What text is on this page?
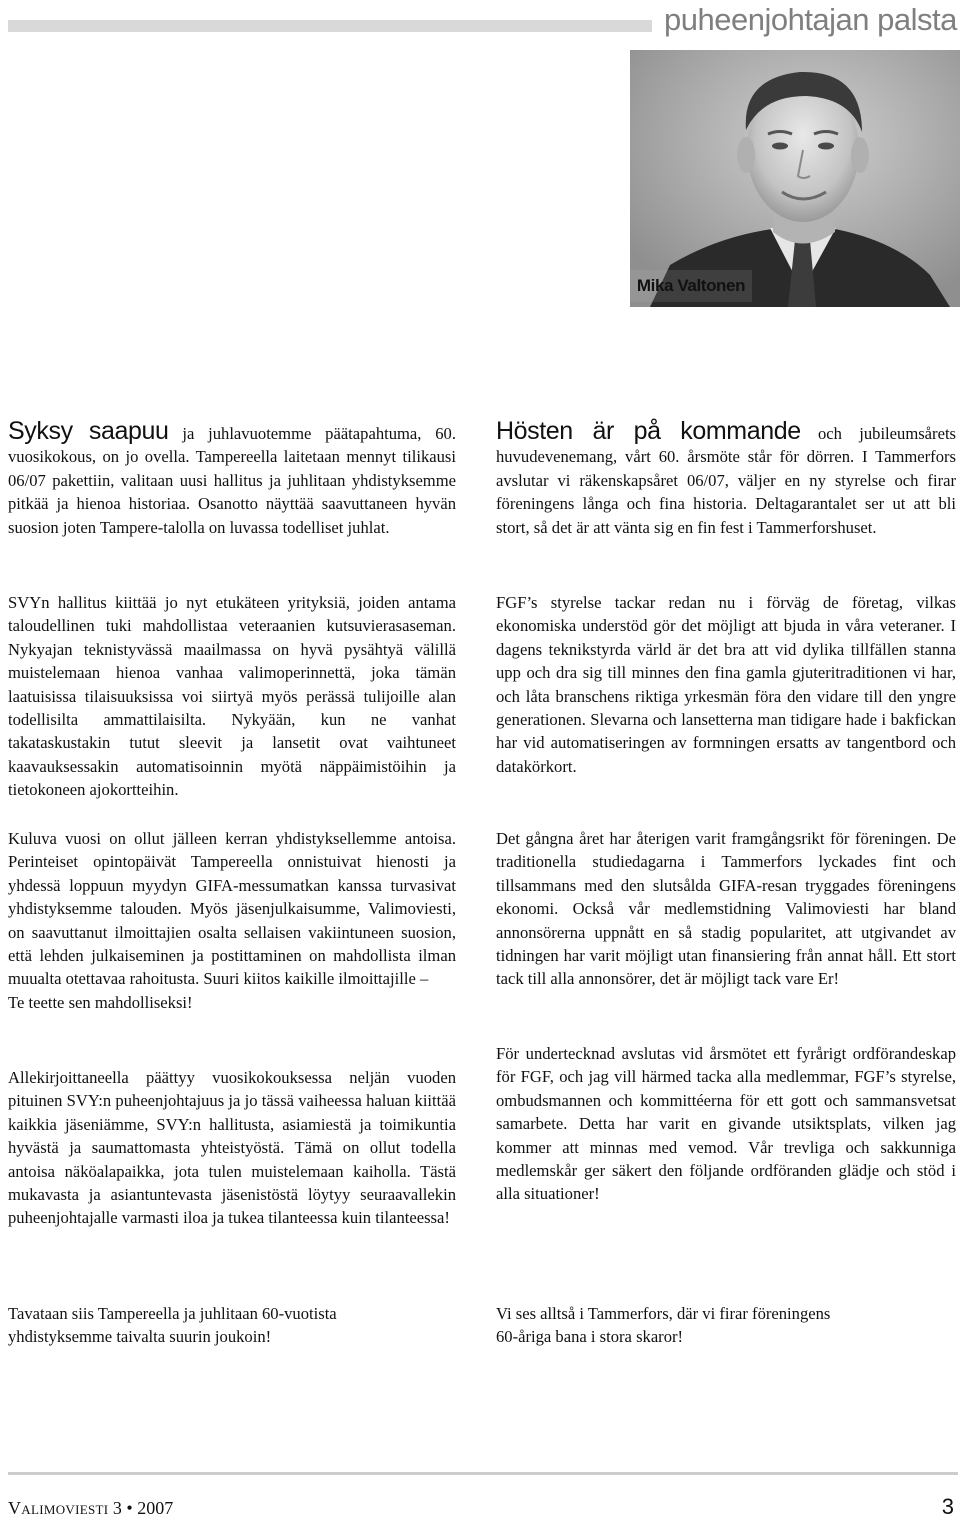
puheenjohtajan palsta
Mika Valtonen

Syksy saapuu ja juhlavuotemme päätapahtuma, 60. vuosikokous, on jo ovella. Tampereella laitetaan mennyt tilikausi 06/07 pakettiin, valitaan uusi hallitus ja juhlitaan yhdistyksemme pitkää ja hienoa historiaa. Osanotto näyttää saavuttaneen hyvän suosion joten Tampere-talolla on luvassa todelliset juhlat.

SVYn hallitus kiittää jo nyt etukäteen yrityksiä, joiden antama taloudellinen tuki mahdollistaa veteraanien kutsuvierasaseman. Nykyajan teknistyvässä maailmassa on hyvä pysähtyä välillä muistelemaan hienoa vanhaa valimoperinnettä, joka tämän laatuisissa tilaisuuksissa voi siirtyä myös perässä tulijoille alan todellisilta ammattilaisilta. Nykyään, kun ne vanhat takataskustakin tutut sleevit ja lansetit ovat vaihtuneet kaavauksessakin automatisoinnin myötä näppäimistöihin ja tietokoneen ajokortteihin.

Kuluva vuosi on ollut jälleen kerran yhdistyksellemme antoisa. Perinteiset opintopäivät Tampereella onnistuivat hienosti ja yhdessä loppuun myydyn GIFA-messumatkan kanssa turvasivat yhdistyksemme talouden. Myös jäsenjulkaisumme, Valimoviesti, on saavuttanut ilmoittajien osalta sellaisen vakiintuneen suosion, että lehden julkaiseminen ja postittaminen on mahdollista ilman muualta otettavaa rahoitusta. Suuri kiitos kaikille ilmoittajille –

Te teette sen mahdolliseksi!

Allekirjoittaneella päättyy vuosikokouksessa neljän vuoden pituinen SVY:n puheenjohtajuus ja jo tässä vaiheessa haluan kiittää kaikkia jäseniämme, SVY:n hallitusta, asiamiestä ja toimikuntia hyvästä ja saumattomasta yhteistyöstä. Tämä on ollut todella antoisa näköalapaikka, jota tulen muistelemaan kaiholla. Tästä mukavasta ja asiantuntevasta jäsenistöstä löytyy seuraavallekin puheenjohtajalle varmasti iloa ja tukea tilanteessa kuin tilanteessa!

Tavataan siis Tampereella ja juhlitaan 60-vuotista

yhdistyksemme taivalta suurin joukoin!

Hösten är på kommande och jubileumsårets huvudevenemang, vårt 60. årsmöte står för dörren. I Tammerfors avslutar vi räkenskapsåret 06/07, väljer en ny styrelse och firar föreningens långa och fina historia. Deltagarantalet ser ut att bli stort, så det är att vänta sig en fin fest i Tammerforshuset.

FGF’s styrelse tackar redan nu i förväg de företag, vilkas ekonomiska understöd gör det möjligt att bjuda in våra veteraner. I dagens teknikstyrda värld är det bra att vid dylika tillfällen stanna upp och dra sig till minnes den fina gamla gjuteritraditionen vi har, och låta branschens riktiga yrkesmän föra den vidare till den yngre generationen. Slevarna och lansetterna man tidigare hade i bakfickan har vid automatiseringen av formningen ersatts av tangentbord och datakörkort.

Det gångna året har återigen varit framgångsrikt för föreningen. De traditionella studiedagarna i Tammerfors lyckades fint och tillsammans med den slutsålda GIFA-resan tryggades föreningens ekonomi. Också vår medlemstidning Valimoviesti har bland annonsörerna uppnått en så stadig popularitet, att utgivandet av tidningen har varit möjligt utan finansiering från annat håll. Ett stort tack till alla annonsörer, det är möjligt tack vare Er!

För undertecknad avslutas vid årsmötet ett fyrårigt ordförandeskap för FGF, och jag vill härmed tacka alla medlemmar, FGF’s styrelse, ombudsmannen och kommittéerna för ett gott och sammansvetsat samarbete. Detta har varit en givande utsiktsplats, vilken jag kommer att minnas med vemod. Vår trevliga och sakkunniga medlemskår ger säkert den följande ordföranden glädje och stöd i alla situationer!

Vi ses alltså i Tammerfors, där vi firar föreningens

60-åriga bana i stora skaror!

Valimoviesti 3 • 2007	3
